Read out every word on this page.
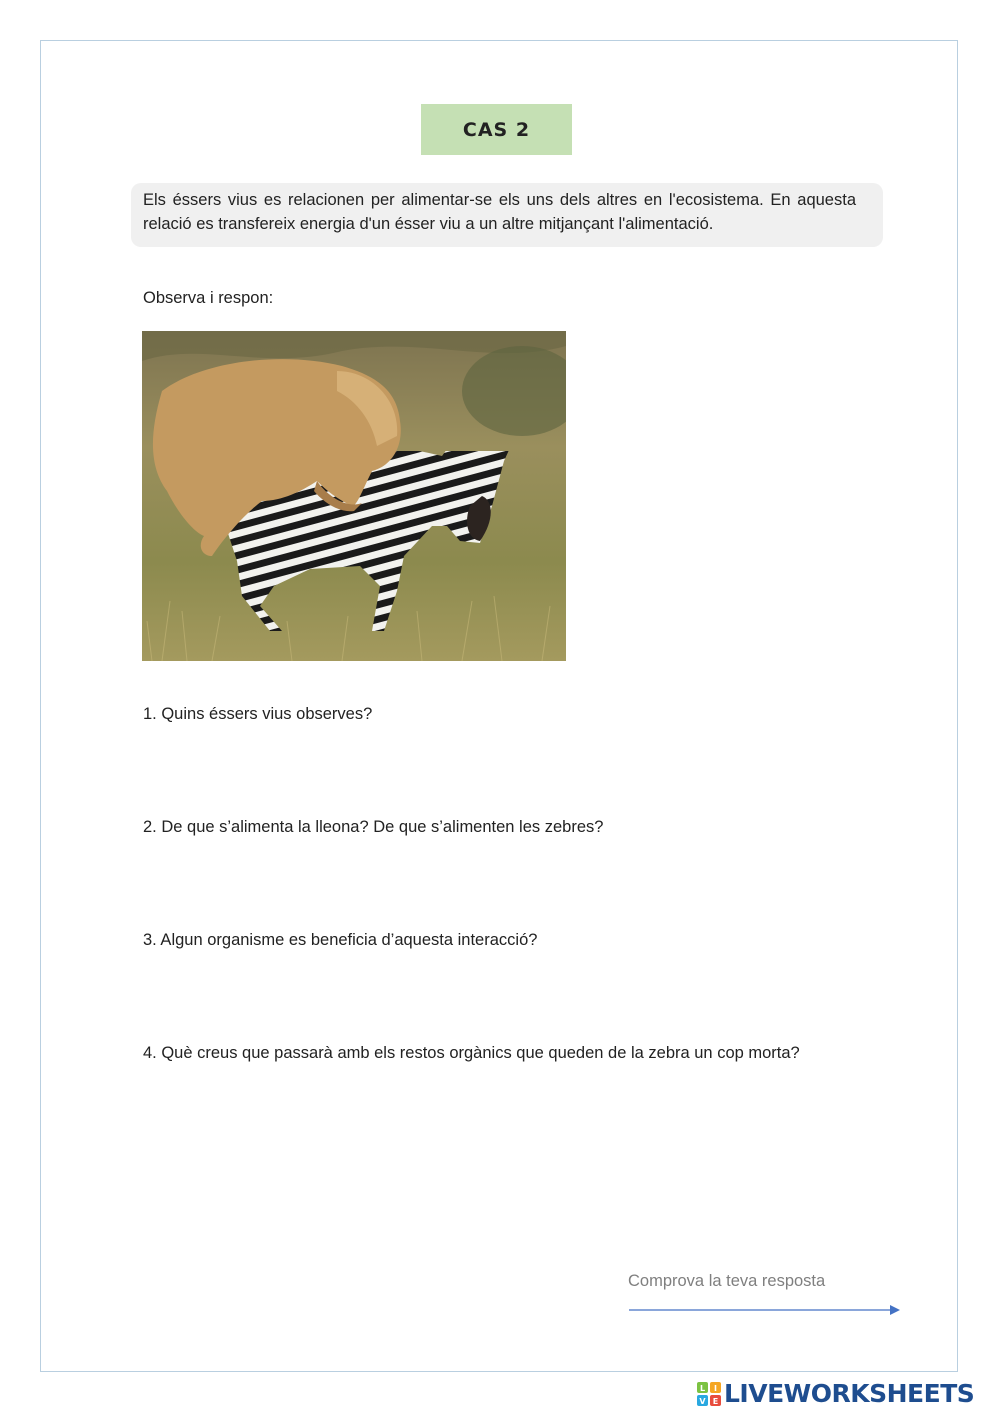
CAS 2
Els éssers vius es relacionen per alimentar-se els uns dels altres en l'ecosistema. En aquesta relació es transfereix energia d'un ésser viu a un altre mitjançant l'alimentació.
Observa i respon:
1. Quins éssers vius observes?
2. De que s’alimenta la lleona? De que s’alimenten les zebres?
3. Algun organisme es beneficia d’aquesta interacció?
4. Què creus que passarà amb els restos orgànics que queden de la zebra un cop morta?
Comprova la teva resposta
L I
V E LIVEWORKSHEETS
